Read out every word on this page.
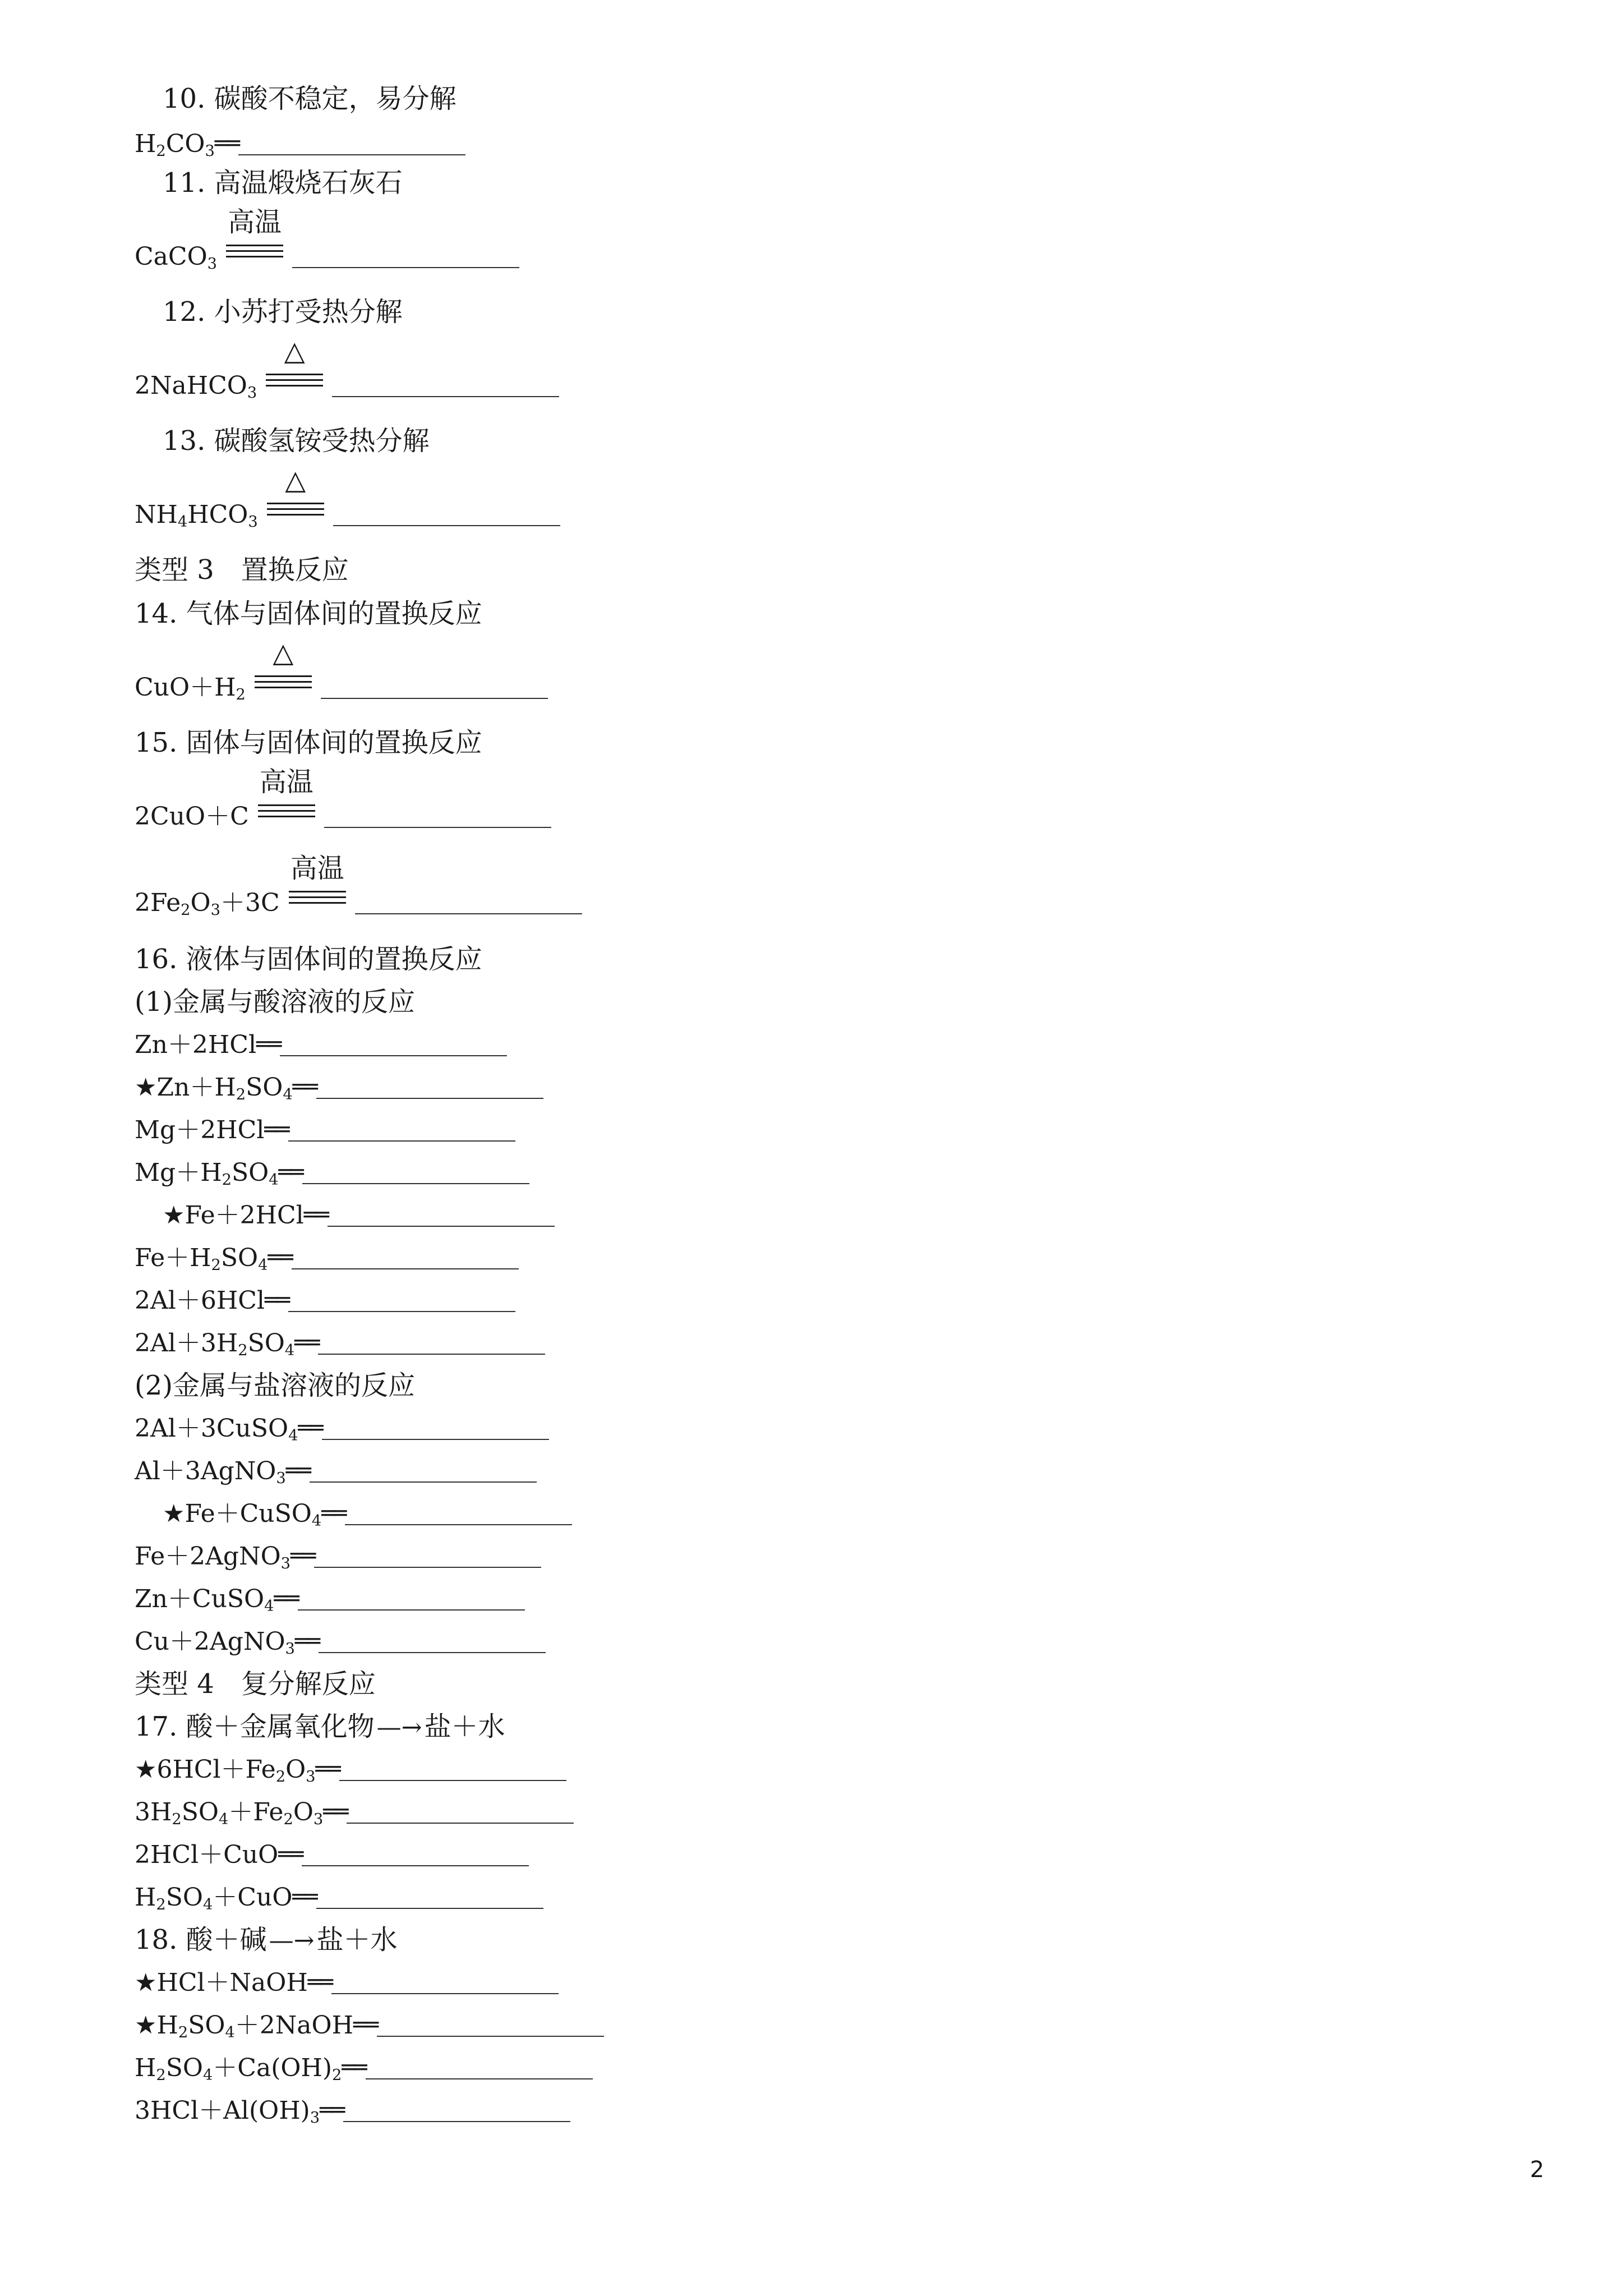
10. 碳酸不稳定，易分解
$H_2CO_3══$
11. 高温煅烧石灰石
CaCO$_3$
高温
12. 小苏打受热分解
2NaHCO$_3$
△
13. 碳酸氢铵受热分解
$NH_4HCO_3$
△
类型 3　置换反应
14. 气体与固体间的置换反应
$CuO+H_2$
△
15. 固体与固体间的置换反应
2CuO＋C
高温
$2Fe_2O_3+3C$
高温
16. 液体与固体间的置换反应
(1)金属与酸溶液的反应
Zn＋2HCl══
$★Zn+H_2SO_4══$
Mg＋2HCl══
$Mg+H_2SO_4══$
★Fe＋2HCl══
$Fe+H_2SO_4══$
2Al＋6HCl══
$2Al+3H_2SO_4══$
(2)金属与盐溶液的反应
2Al＋3CuSO$_4$══
Al＋3AgNO$_3$══
★Fe＋CuSO$_4$══
Fe＋2AgNO$_3$══
Zn＋CuSO$_4$══
Cu＋2AgNO$_3$══
类型 4　复分解反应
17. 酸＋金属氧化物—→盐＋水
$★6HCl+Fe_2O_3══$
$3H_2SO_4+Fe_2O_3══$
2HCl＋CuO══
$H_2SO_4+CuO══$
18. 酸＋碱—→盐＋水
★HCl＋NaOH══
$★H_2SO_4+2NaOH══$
$H_2SO_4+Ca(OH)_2══$
$3HCl+Al(OH)_3══$
2
